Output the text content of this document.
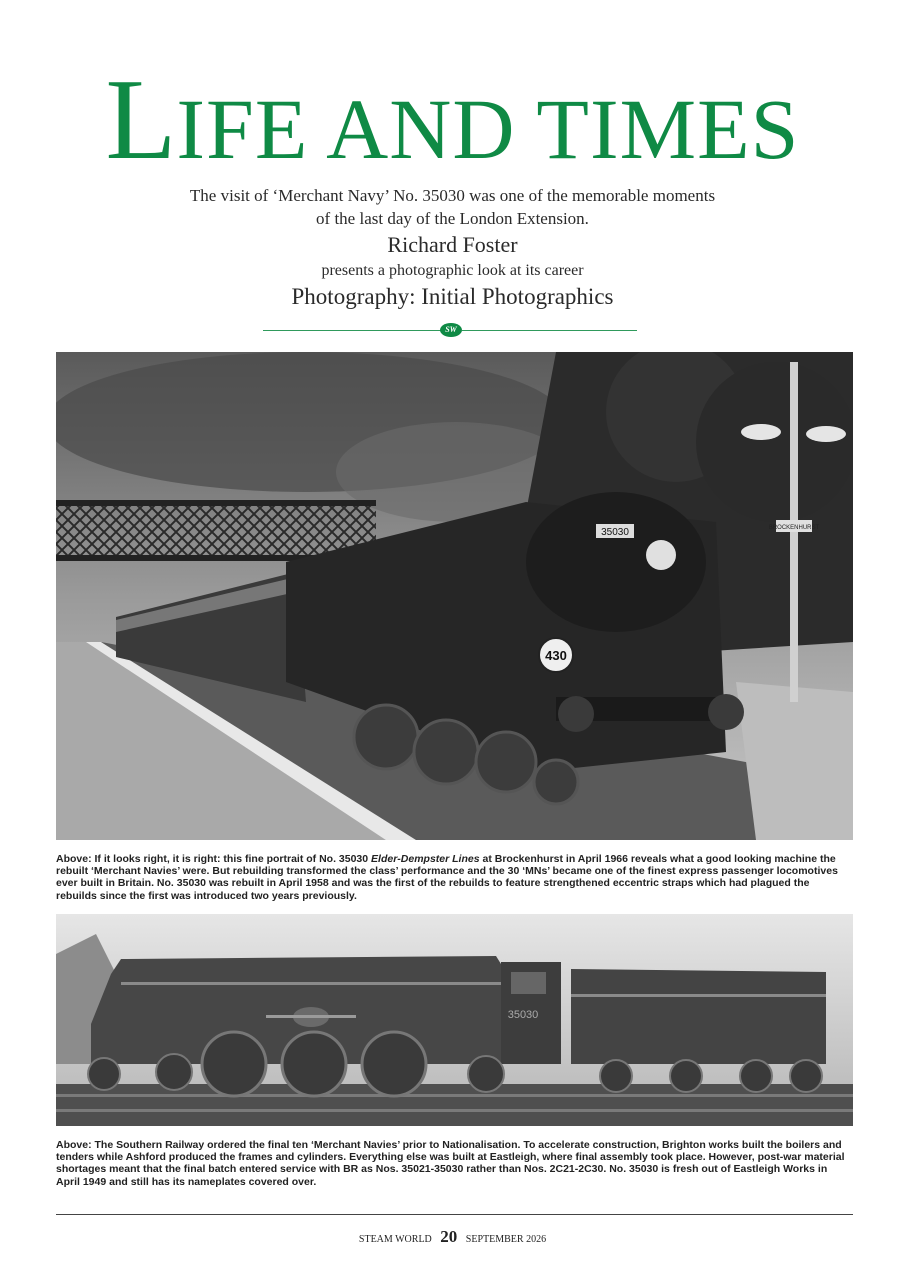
LIFE AND TIMES
The visit of ‘Merchant Navy’ No. 35030 was one of the memorable moments
of the last day of the London Extension.
Richard Foster
presents a photographic look at its career
Photography: Initial Photographics
SW
35030
430
BROCKENHURST
Above: If it looks right, it is right: this fine portrait of No. 35030 Elder-Dempster Lines at Brockenhurst in April 1966 reveals what a good looking machine the rebuilt ‘Merchant Navies’ were. But rebuilding transformed the class’ performance and the 30 ‘MNs’ became one of the finest express passenger locomotives ever built in Britain. No. 35030 was rebuilt in April 1958 and was the first of the rebuilds to feature strengthened eccentric straps which had plagued the rebuilds since the first was introduced two years previously.
35030
Above: The Southern Railway ordered the final ten ‘Merchant Navies’ prior to Nationalisation. To accelerate construction, Brighton works built the boilers and tenders while Ashford produced the frames and cylinders. Everything else was built at Eastleigh, where final assembly took place. However, post-war material shortages meant that the final batch entered service with BR as Nos. 35021-35030 rather than Nos. 2C21-2C30. No. 35030 is fresh out of Eastleigh Works in April 1949 and still has its nameplates covered over.
STEAM WORLD 20 SEPTEMBER 2026
